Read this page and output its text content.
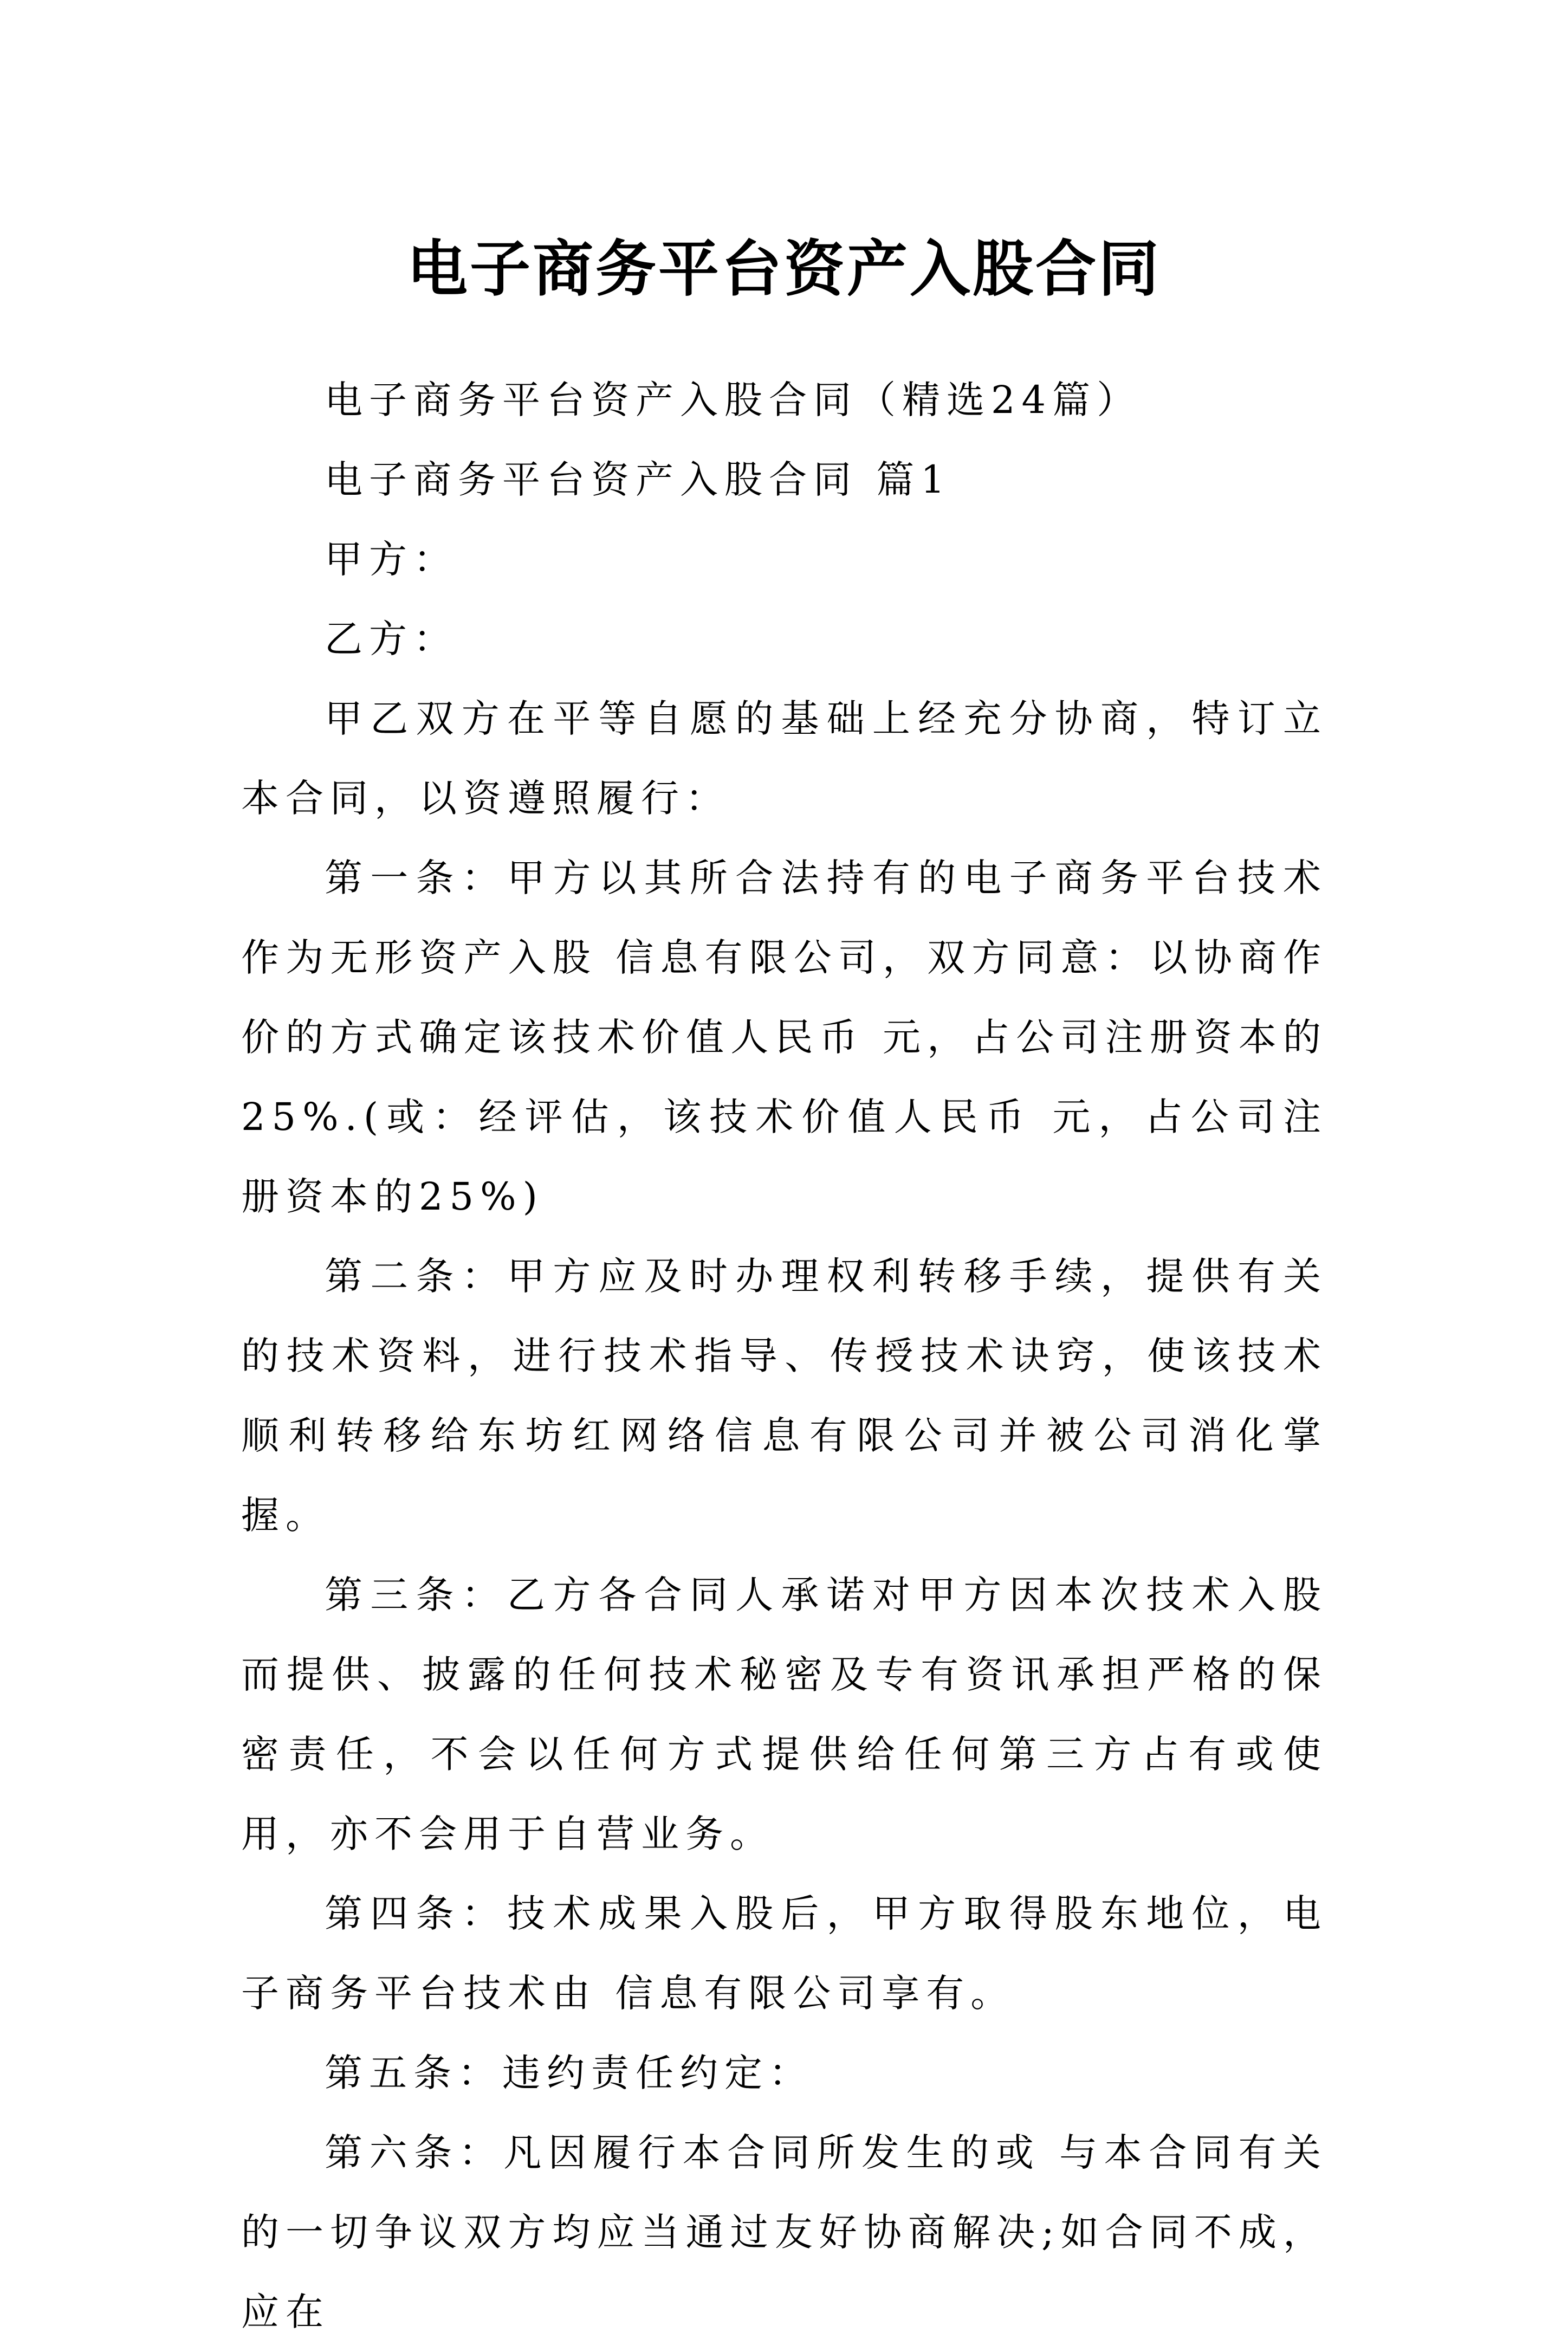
电子商务平台资产入股合同

电子商务平台资产入股合同（精选24篇）

电子商务平台资产入股合同 篇1

甲方：

乙方：

甲乙双方在平等自愿的基础上经充分协商，特订立本合同，以资遵照履行：

第一条：甲方以其所合法持有的电子商务平台技术作为无形资产入股 信息有限公司，双方同意：以协商作价的方式确定该技术价值人民币 元，占公司注册资本的25%.(或：经评估，该技术价值人民币 元，占公司注册资本的25%)

第二条：甲方应及时办理权利转移手续，提供有关的技术资料，进行技术指导、传授技术诀窍，使该技术顺利转移给东坊红网络信息有限公司并被公司消化掌握。

第三条：乙方各合同人承诺对甲方因本次技术入股而提供、披露的任何技术秘密及专有资讯承担严格的保密责任，不会以任何方式提供给任何第三方占有或使用，亦不会用于自营业务。

第四条：技术成果入股后，甲方取得股东地位，电子商务平台技术由 信息有限公司享有。

第五条：违约责任约定：

第六条：凡因履行本合同所发生的或 与本合同有关的一切争议双方均应当通过友好协商解决;如合同不成，应在
